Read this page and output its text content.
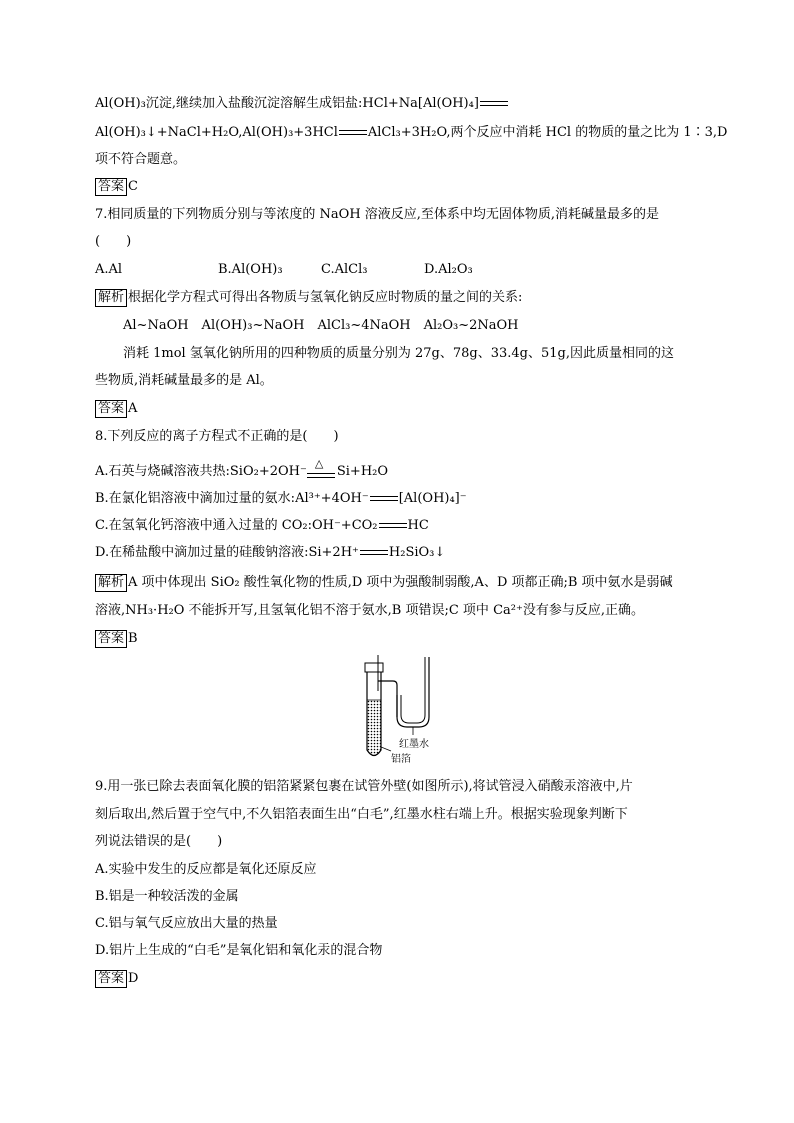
Al(OH)₃沉淀,继续加入盐酸沉淀溶解生成铝盐:HCl+Na[Al(OH)₄]
Al(OH)₃↓+NaCl+H₂O,Al(OH)₃+3HCl AlCl₃+3H₂O,两个反应中消耗 HCl 的物质的量之比为 1∶3,D
项不符合题意。
答案 C
7.相同质量的下列物质分别与等浓度的 NaOH 溶液反应,至体系中均无固体物质,消耗碱量最多的是
(　　)
A.Al	B.Al(OH)₃	C.AlCl₃	D.Al₂O₃
解析 根据化学方程式可得出各物质与氢氧化钠反应时物质的量之间的关系:
Al~NaOH　Al(OH)₃~NaOH　AlCl₃~4NaOH　Al₂O₃~2NaOH
消耗 1mol 氢氧化钠所用的四种物质的质量分别为 27g、78g、33.4g、51g,因此质量相同的这
些物质,消耗碱量最多的是 Al。
答案 A
8.下列反应的离子方程式不正确的是(　　)
A.石英与烧碱溶液共热:SiO₂+2OH⁻
△
Si+H₂O
B.在氯化铝溶液中滴加过量的氨水:Al³⁺+4OH⁻ [Al(OH)₄]⁻
C.在氢氧化钙溶液中通入过量的 CO₂:OH⁻+CO₂ HC
D.在稀盐酸中滴加过量的硅酸钠溶液:Si+2H⁺ H₂SiO₃↓
解析 A 项中体现出 SiO₂ 酸性氧化物的性质,D 项中为强酸制弱酸,A、D 项都正确;B 项中氨水是弱碱
溶液,NH₃·H₂O 不能拆开写,且氢氧化铝不溶于氨水,B 项错误;C 项中 Ca²⁺没有参与反应,正确。
答案 B
红墨水
铝箔
9.用一张已除去表面氧化膜的铝箔紧紧包裹在试管外壁(如图所示),将试管浸入硝酸汞溶液中,片
刻后取出,然后置于空气中,不久铝箔表面生出“白毛”,红墨水柱右端上升。根据实验现象判断下
列说法错误的是(　　)
A.实验中发生的反应都是氧化还原反应
B.铝是一种较活泼的金属
C.铝与氧气反应放出大量的热量
D.铝片上生成的“白毛”是氧化铝和氧化汞的混合物
答案 D
